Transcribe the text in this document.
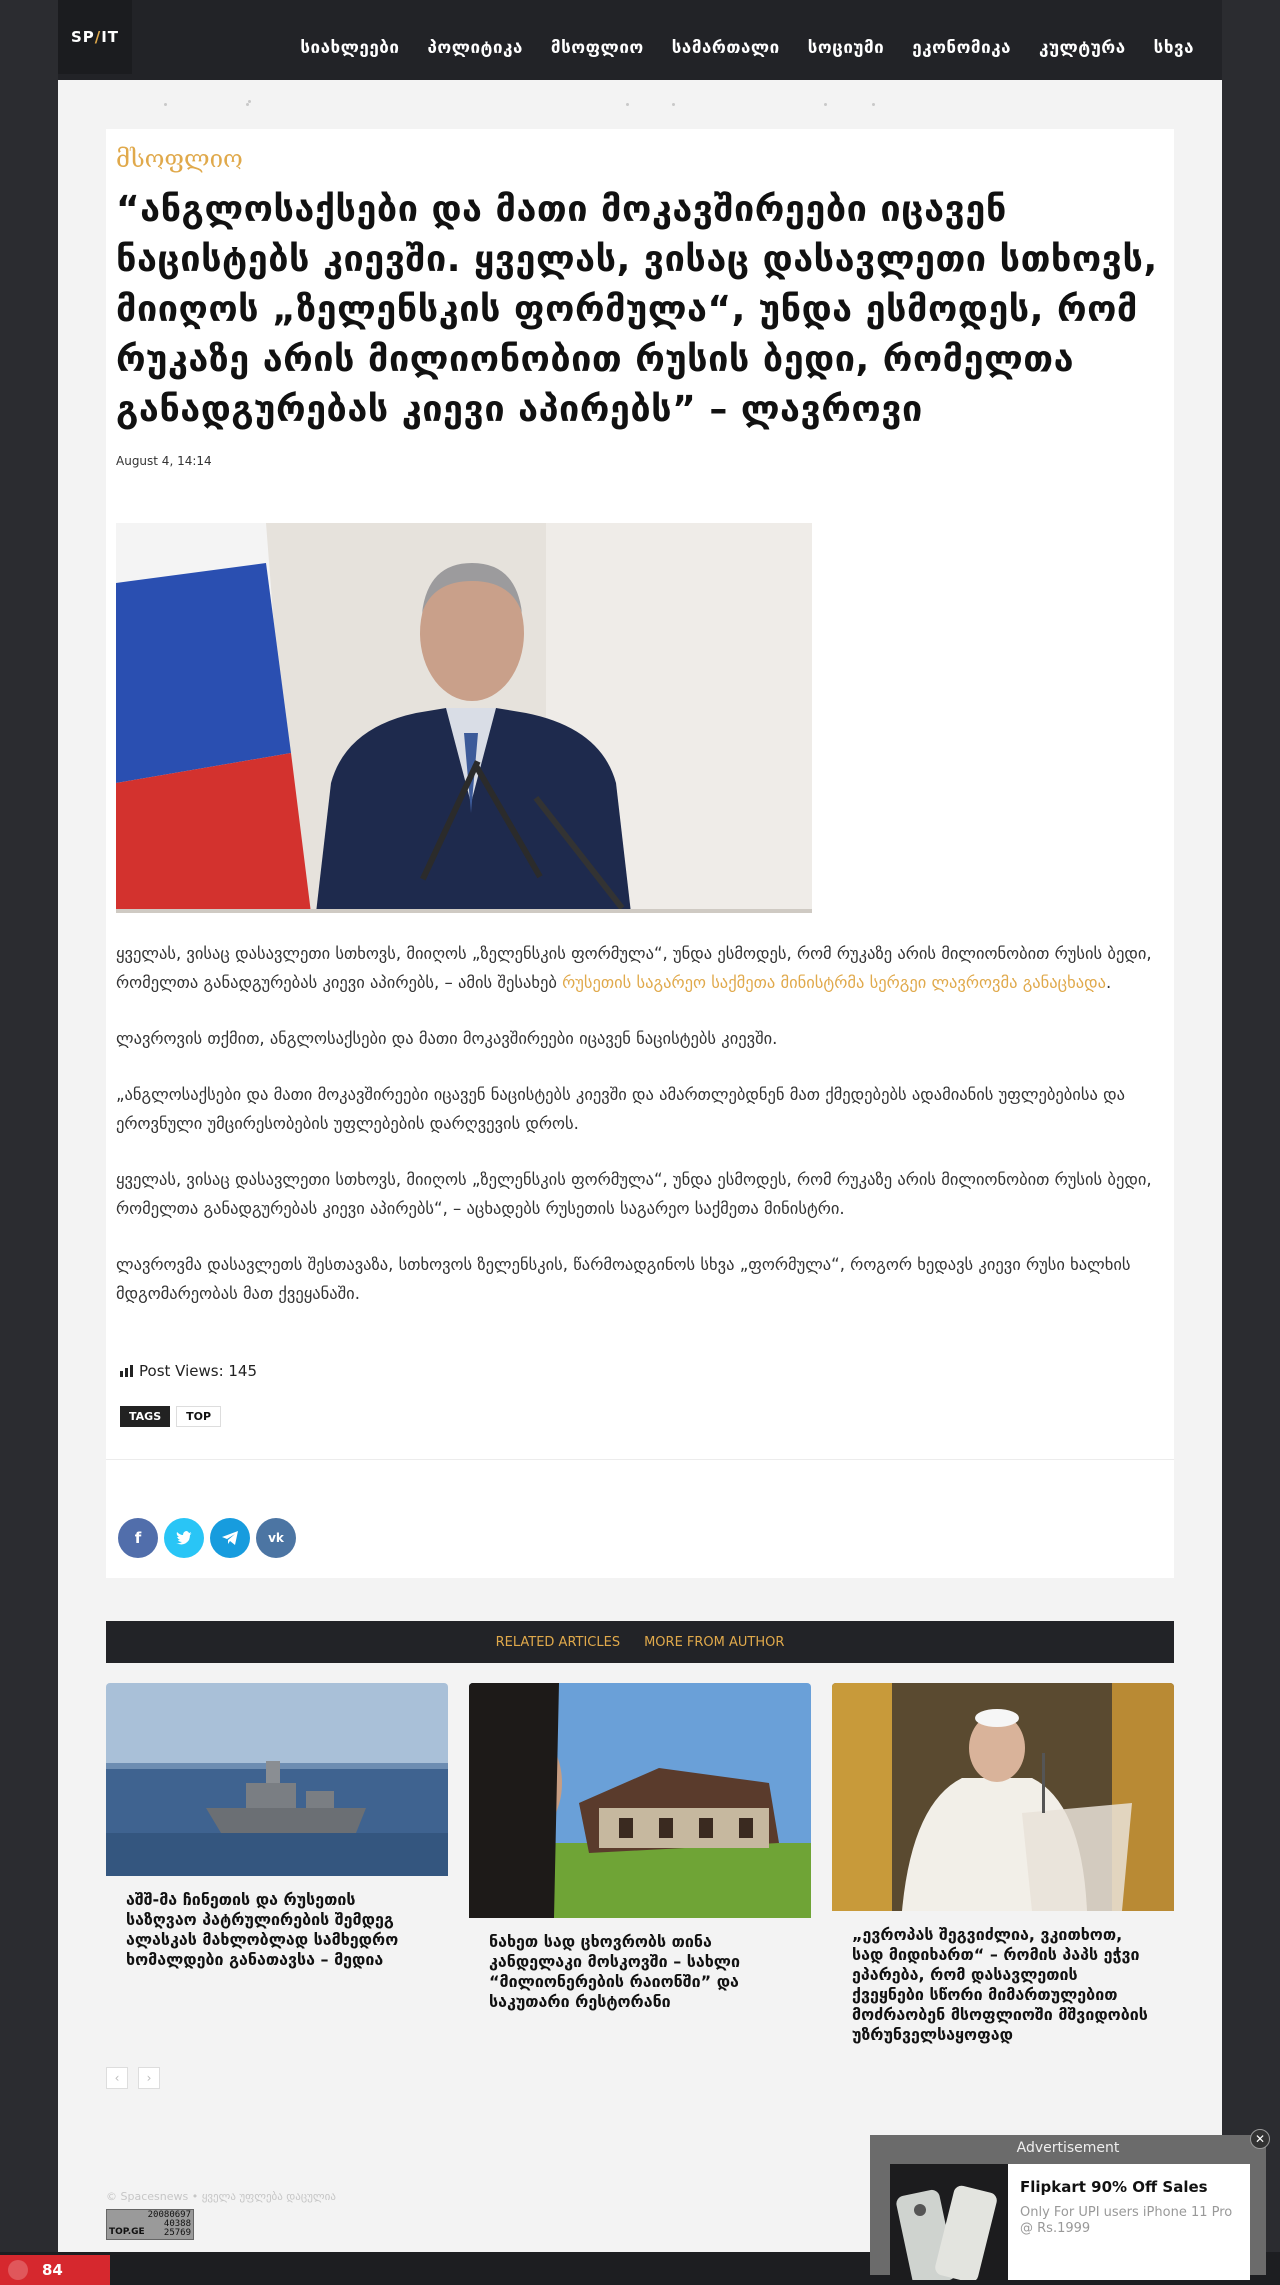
SP / IT
სიახლეები	პოლიტიკა	მსოფლიო	სამართალი	სოციუმი	ეკონომიკა	კულტურა	სხვა
მსოფლიო
“ანგლოსაქსები და მათი მოკავშირეები იცავენ ნაცისტებს კიევში. ყველას, ვისაც დასავლეთი სთხოვს, მიიღოს „ზელენსკის ფორმულა“, უნდა ესმოდეს, რომ რუკაზე არის მილიონობით რუსის ბედი, რომელთა განადგურებას კიევი აპირებს” – ლავროვი
August 4, 14:14

ყველას, ვისაც დასავლეთი სთხოვს, მიიღოს „ზელენსკის ფორმულა“, უნდა ესმოდეს, რომ რუკაზე არის მილიონობით რუსის ბედი, რომელთა განადგურებას კიევი აპირებს, – ამის შესახებ რუსეთის საგარეო საქმეთა მინისტრმა სერგეი ლავროვმა განაცხადა.

ლავროვის თქმით, ანგლოსაქსები და მათი მოკავშირეები იცავენ ნაცისტებს კიევში.

„ანგლოსაქსები და მათი მოკავშირეები იცავენ ნაცისტებს კიევში და ამართლებდნენ მათ ქმედებებს ადამიანის უფლებებისა და ეროვნული უმცირესობების უფლებების დარღვევის დროს.

ყველას, ვისაც დასავლეთი სთხოვს, მიიღოს „ზელენსკის ფორმულა“, უნდა ესმოდეს, რომ რუკაზე არის მილიონობით რუსის ბედი, რომელთა განადგურებას კიევი აპირებს“, – აცხადებს რუსეთის საგარეო საქმეთა მინისტრი.

ლავროვმა დასავლეთს შესთავაზა, სთხოვოს ზელენსკის, წარმოადგინოს სხვა „ფორმულა“, როგორ ხედავს კიევი რუსი ხალხის მდგომარეობას მათ ქვეყანაში.

Post Views: 145
TAGS	TOP
f	vk
RELATED ARTICLES MORE FROM AUTHOR
აშშ-მა ჩინეთის და რუსეთის საზღვაო პატრულირების შემდეგ ალასკას მახლობლად სამხედრო ხომალდები განათავსა – მედია
ნახეთ სად ცხოვრობს თინა კანდელაკი მოსკოვში – სახლი “მილიონერების რაიონში” და საკუთარი რესტორანი
„ევროპას შეგვიძლია, ვკითხოთ, სად მიდიხართ“ – რომის პაპს ეჭვი ეპარება, რომ დასავლეთის ქვეყნები სწორი მიმართულებით მოძრაობენ მსოფლიოში მშვიდობის უზრუნველსაყოფად
‹	›
© Spacesnews • ყველა უფლება დაცულია
20080697
40388
25769
TOP.GE
84
Advertisement
✕
Flipkart 90% Off Sales
Only For UPI users iPhone 11 Pro @ Rs.1999
